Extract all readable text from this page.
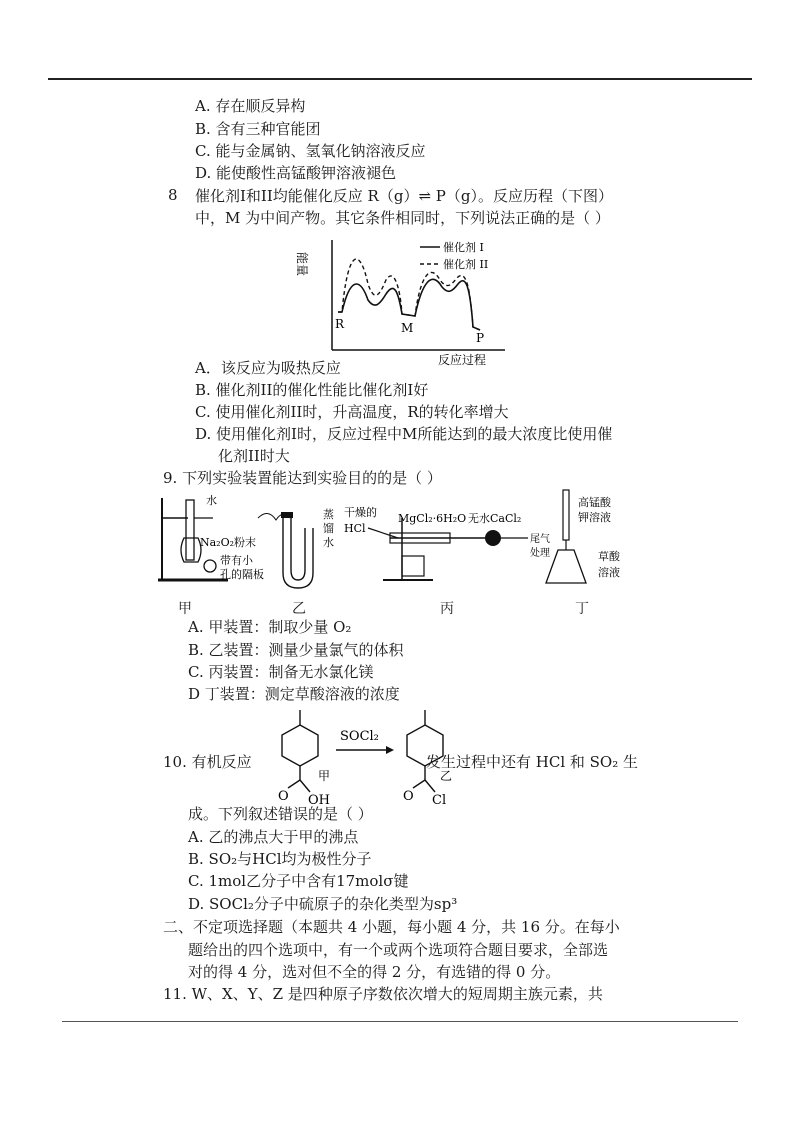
A. 存在顺反异构
B. 含有三种官能团
C. 能与金属钠、氢氧化钠溶液反应
D. 能使酸性高锰酸钾溶液褪色
8 催化剂I和II均能催化反应 R（g）⇌ P（g）。反应历程（下图）
中，M 为中间产物。其它条件相同时，下列说法正确的是（ ）
能量
催化剂 I
催化剂 II
R	M
P
反应过程
A．该反应为吸热反应
B. 催化剂II的催化性能比催化剂I好
C. 使用催化剂II时，升高温度，R的转化率增大
D. 使用催化剂I时，反应过程中M所能达到的最大浓度比使用催
化剂II时大
9. 下列实验装置能达到实验目的的是（ ）
水
Na₂O₂粉末
带有小
孔的隔板
蒸
馏
水
干燥的
HCl
MgCl₂·6H₂O 无水CaCl₂
尾气
处理
高锰酸
钾溶液
草酸
溶液
甲	乙	丙	丁
A. 甲装置：制取少量 O₂
B. 乙装置：测量少量氯气的体积
C. 丙装置：制备无水氯化镁
D 丁装置：测定草酸溶液的浓度
O OH
甲
SOCl₂
O Cl
乙
10. 有机反应	发生过程中还有 HCl 和 SO₂ 生
成。下列叙述错误的是（ ）
A. 乙的沸点大于甲的沸点
B. SO₂与HCl均为极性分子
C. 1mol乙分子中含有17molσ键
D. SOCl₂分子中硫原子的杂化类型为sp³
二、不定项选择题（本题共 4 小题，每小题 4 分，共 16 分。在每小
题给出的四个选项中，有一个或两个选项符合题目要求，全部选
对的得 4 分，选对但不全的得 2 分，有选错的得 0 分。
11. W、X、Y、Z 是四种原子序数依次增大的短周期主族元素，共
